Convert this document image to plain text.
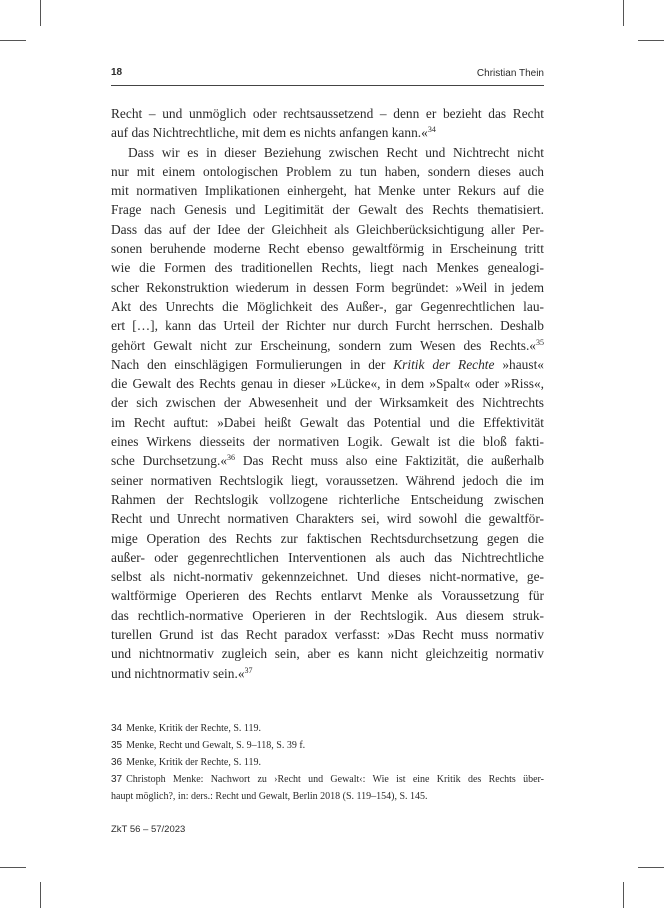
18	Christian Thein
Recht – und unmöglich oder rechtsaussetzend – denn er bezieht das Recht
auf das Nichtrechtliche, mit dem es nichts anfangen kann.«$^{34}$
Dass wir es in dieser Beziehung zwischen Recht und Nichtrecht nicht
nur mit einem ontologischen Problem zu tun haben, sondern dieses auch
mit normativen Implikationen einhergeht, hat Menke unter Rekurs auf die
Frage nach Genesis und Legitimität der Gewalt des Rechts thematisiert.
Dass das auf der Idee der Gleichheit als Gleichberücksichtigung aller Per-
sonen beruhende moderne Recht ebenso gewaltförmig in Erscheinung tritt
wie die Formen des traditionellen Rechts, liegt nach Menkes genealogi-
scher Rekonstruktion wiederum in dessen Form begründet: »Weil in jedem
Akt des Unrechts die Möglichkeit des Außer-, gar Gegenrechtlichen lau-
ert […], kann das Urteil der Richter nur durch Furcht herrschen. Deshalb
gehört Gewalt nicht zur Erscheinung, sondern zum Wesen des Rechts.«$^{35}$
Nach den einschlägigen Formulierungen in der Kritik der Rechte »haust«
die Gewalt des Rechts genau in dieser »Lücke«, in dem »Spalt« oder »Riss«,
der sich zwischen der Abwesenheit und der Wirksamkeit des Nichtrechts
im Recht auftut: »Dabei heißt Gewalt das Potential und die Effektivität
eines Wirkens diesseits der normativen Logik. Gewalt ist die bloß fakti-
sche Durchsetzung.«$^{36}$ Das Recht muss also eine Faktizität, die außerhalb
seiner normativen Rechtslogik liegt, voraussetzen. Während jedoch die im
Rahmen der Rechtslogik vollzogene richterliche Entscheidung zwischen
Recht und Unrecht normativen Charakters sei, wird sowohl die gewaltför-
mige Operation des Rechts zur faktischen Rechtsdurchsetzung gegen die
außer- oder gegenrechtlichen Interventionen als auch das Nichtrechtliche
selbst als nicht-normativ gekennzeichnet. Und dieses nicht-normative, ge-
waltförmige Operieren des Rechts entlarvt Menke als Voraussetzung für
das rechtlich-normative Operieren in der Rechtslogik. Aus diesem struk-
turellen Grund ist das Recht paradox verfasst: »Das Recht muss normativ
und nichtnormativ zugleich sein, aber es kann nicht gleichzeitig normativ
und nichtnormativ sein.«$^{37}$
34 Menke, Kritik der Rechte, S. 119.
35 Menke, Recht und Gewalt, S. 9–118, S. 39 f.
36 Menke, Kritik der Rechte, S. 119.
37 Christoph Menke: Nachwort zu ›Recht und Gewalt‹: Wie ist eine Kritik des Rechts über-
haupt möglich?, in: ders.: Recht und Gewalt, Berlin 2018 (S. 119–154), S. 145.
ZkT 56 – 57/2023
